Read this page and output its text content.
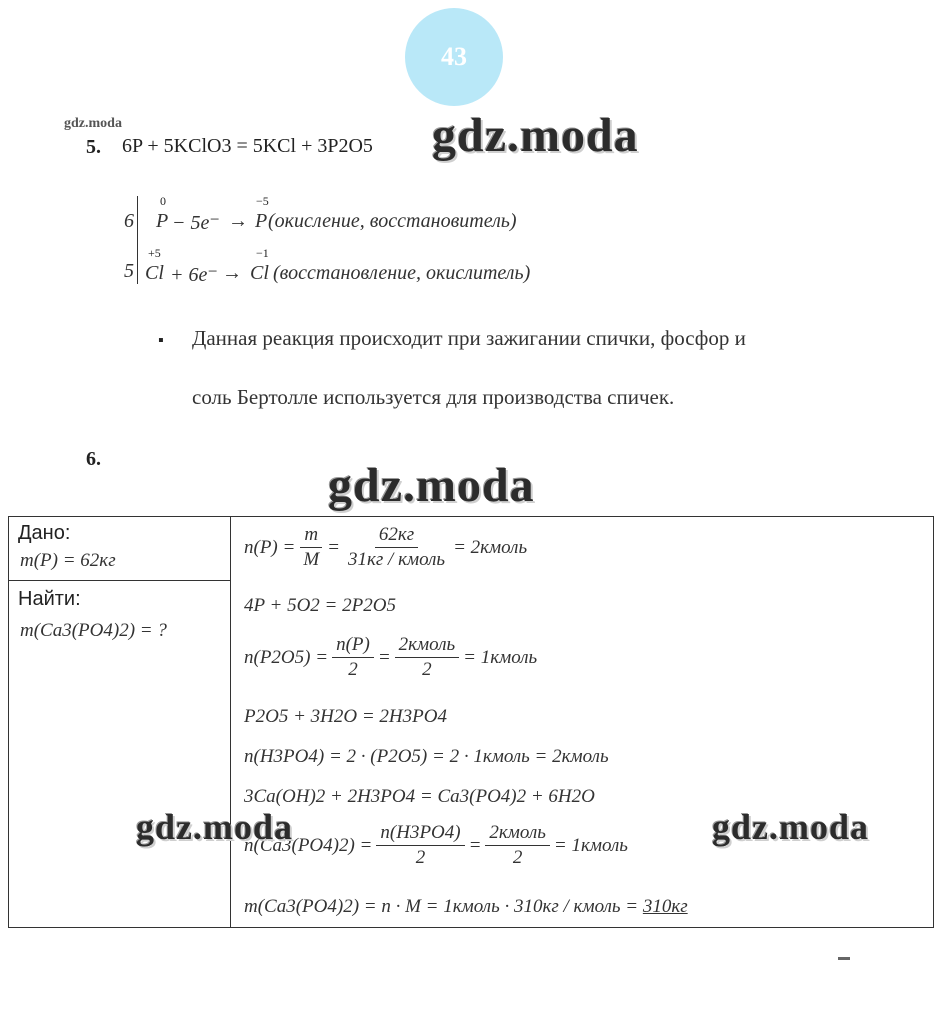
43
gdz.moda
5. 6P + 5KClO3 = 5KCl + 3P2O5 gdz.moda
6
0
P − 5e⁻ →
−5
P (окисление, восстановитель)
5
+5
Cl + 6e⁻ →
−1
Cl (восстановление, окислитель)
▪ Данная реакция происходит при зажигании спички, фосфор и
соль Бертолле используется для производства спичек.
6.	gdz.moda
Дано:
m(P) = 62кг
Найти:
m(Ca3(PO4)2) = ?
$n(P) = \frac{m}{M} = \frac{62кг}{\text{31кг / кмоль}}$ = 2кмоль
4P + 5O2 = 2P2O5
$n(P2O5) = \frac{n(P)}{2} = \frac{\text{2кмоль}}{2}$ = 1кмоль
P2O5 + 3H2O = 2H3PO4
n(H3PO4) = 2 · (P2O5) = 2 · 1кмоль = 2кмоль
3Ca(OH)2 + 2H3PO4 = Ca3(PO4)2 + 6H2O
$n(Ca3(PO4)2) = \frac{n(H3PO4)}{2} = \frac{\text{2кмоль}}{2}$ = 1кмоль
m(Ca3(PO4)2) = n · M = 1кмоль · 310кг / кмоль =
310кг
gdz.moda	gdz.moda
